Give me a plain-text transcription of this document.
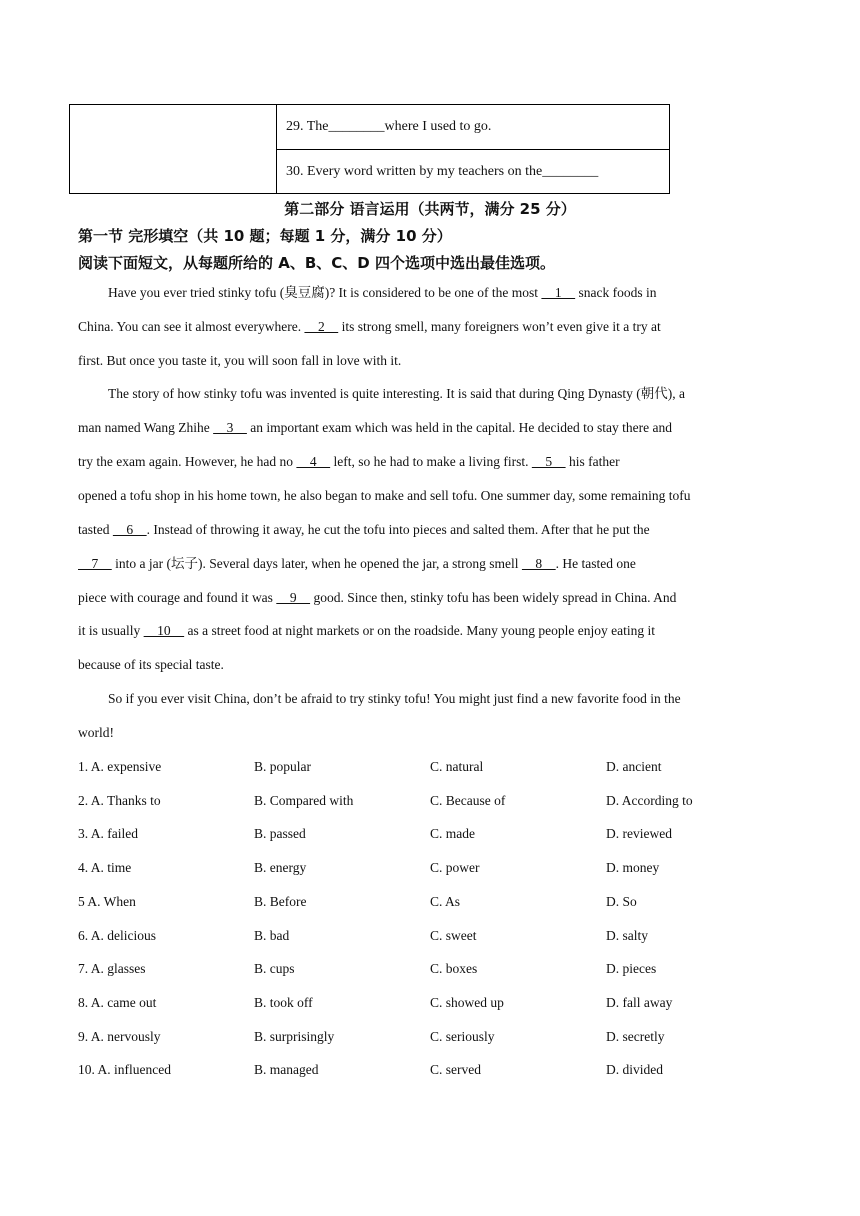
29. The________where I used to go.
30. Every word written by my teachers on the________
第二部分 语言运用（共两节，满分 25 分）
第一节 完形填空（共 10 题；每题 1 分，满分 10 分）
阅读下面短文，从每题所给的 A、B、C、D 四个选项中选出最佳选项。
Have you ever tried stinky tofu (臭豆腐)? It is considered to be one of the most     1     snack foods in
China. You can see it almost everywhere.     2     its strong smell, many foreigners won’t even give it a try at
first. But once you taste it, you will soon fall in love with it.
The story of how stinky tofu was invented is quite interesting. It is said that during Qing Dynasty (朝代), a
man named Wang Zhihe     3     an important exam which was held in the capital. He decided to stay there and
try the exam again. However, he had no     4     left, so he had to make a living first.     5     his father
opened a tofu shop in his home town, he also began to make and sell tofu. One summer day, some remaining tofu
tasted     6    . Instead of throwing it away, he cut the tofu into pieces and salted them. After that he put the
7     into a jar (坛子). Several days later, when he opened the jar, a strong smell     8    . He tasted one
piece with courage and found it was     9     good. Since then, stinky tofu has been widely spread in China. And
it is usually     10     as a street food at night markets or on the roadside. Many young people enjoy eating it
because of its special taste.
So if you ever visit China, don’t be afraid to try stinky tofu! You might just find a new favorite food in the
world!
1. A. expensive	B. popular	C. natural	D. ancient
2. A. Thanks to	B. Compared with	C. Because of	D. According to
3. A. failed	B. passed	C. made	D. reviewed
4. A. time	B. energy	C. power	D. money
5 A. When	B. Before	C. As	D. So
6. A. delicious	B. bad	C. sweet	D. salty
7. A. glasses	B. cups	C. boxes	D. pieces
8. A. came out	B. took off	C. showed up	D. fall away
9. A. nervously	B. surprisingly	C. seriously	D. secretly
10. A. influenced	B. managed	C. served	D. divided
